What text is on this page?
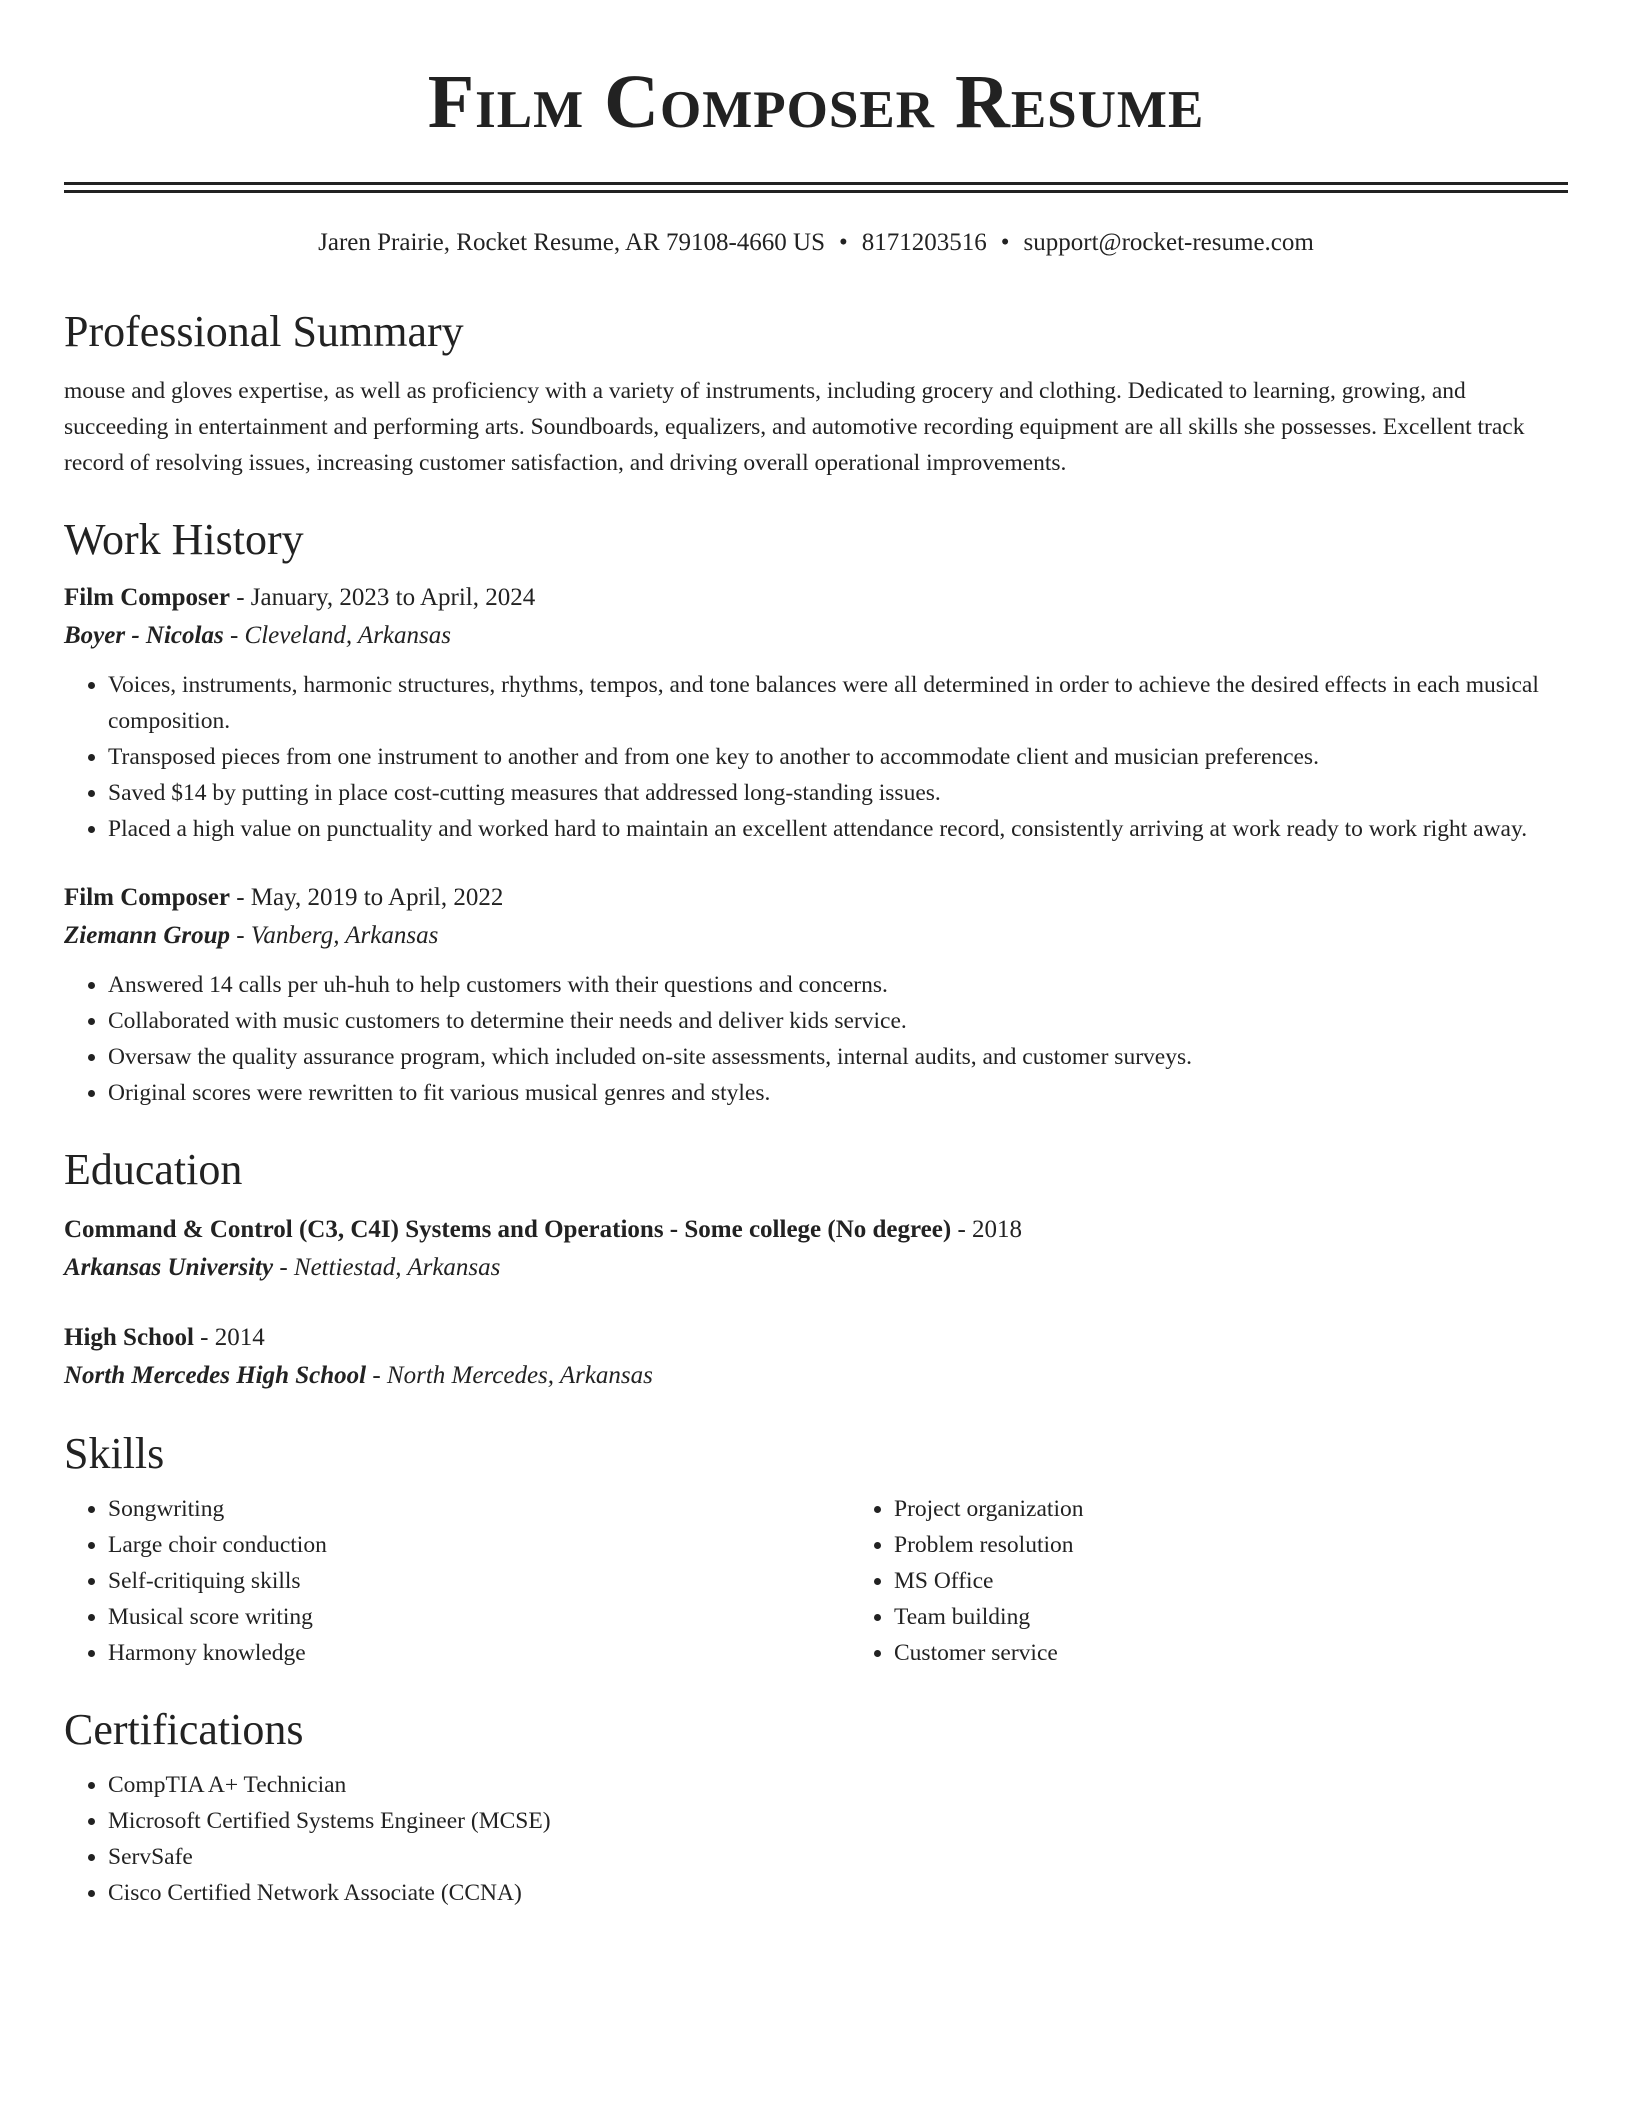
Film Composer Resume
Jaren Prairie, Rocket Resume, AR 79108-4660 US • 8171203516 • support@rocket-resume.com
Professional Summary

mouse and gloves expertise, as well as proficiency with a variety of instruments, including grocery and clothing. Dedicated to learning, growing, and succeeding in entertainment and performing arts. Soundboards, equalizers, and automotive recording equipment are all skills she possesses. Excellent track record of resolving issues, increasing customer satisfaction, and driving overall operational improvements.

Work History
Film Composer - January, 2023 to April, 2024
Boyer - Nicolas - Cleveland, Arkansas
• Voices, instruments, harmonic structures, rhythms, tempos, and tone balances were all determined in order to achieve the desired effects in each musical composition.
• Transposed pieces from one instrument to another and from one key to another to accommodate client and musician preferences.
• Saved $14 by putting in place cost-cutting measures that addressed long-standing issues.
• Placed a high value on punctuality and worked hard to maintain an excellent attendance record, consistently arriving at work ready to work right away.
Film Composer - May, 2019 to April, 2022
Ziemann Group - Vanberg, Arkansas
• Answered 14 calls per uh-huh to help customers with their questions and concerns.
• Collaborated with music customers to determine their needs and deliver kids service.
• Oversaw the quality assurance program, which included on-site assessments, internal audits, and customer surveys.
• Original scores were rewritten to fit various musical genres and styles.
Education
Command & Control (C3, C4I) Systems and Operations - Some college (No degree) - 2018
Arkansas University - Nettiestad, Arkansas
High School - 2014
North Mercedes High School - North Mercedes, Arkansas
Skills
• Songwriting
• Large choir conduction
• Self-critiquing skills
• Musical score writing
• Harmony knowledge
• Project organization
• Problem resolution
• MS Office
• Team building
• Customer service
Certifications
• CompTIA A+ Technician
• Microsoft Certified Systems Engineer (MCSE)
• ServSafe
• Cisco Certified Network Associate (CCNA)
